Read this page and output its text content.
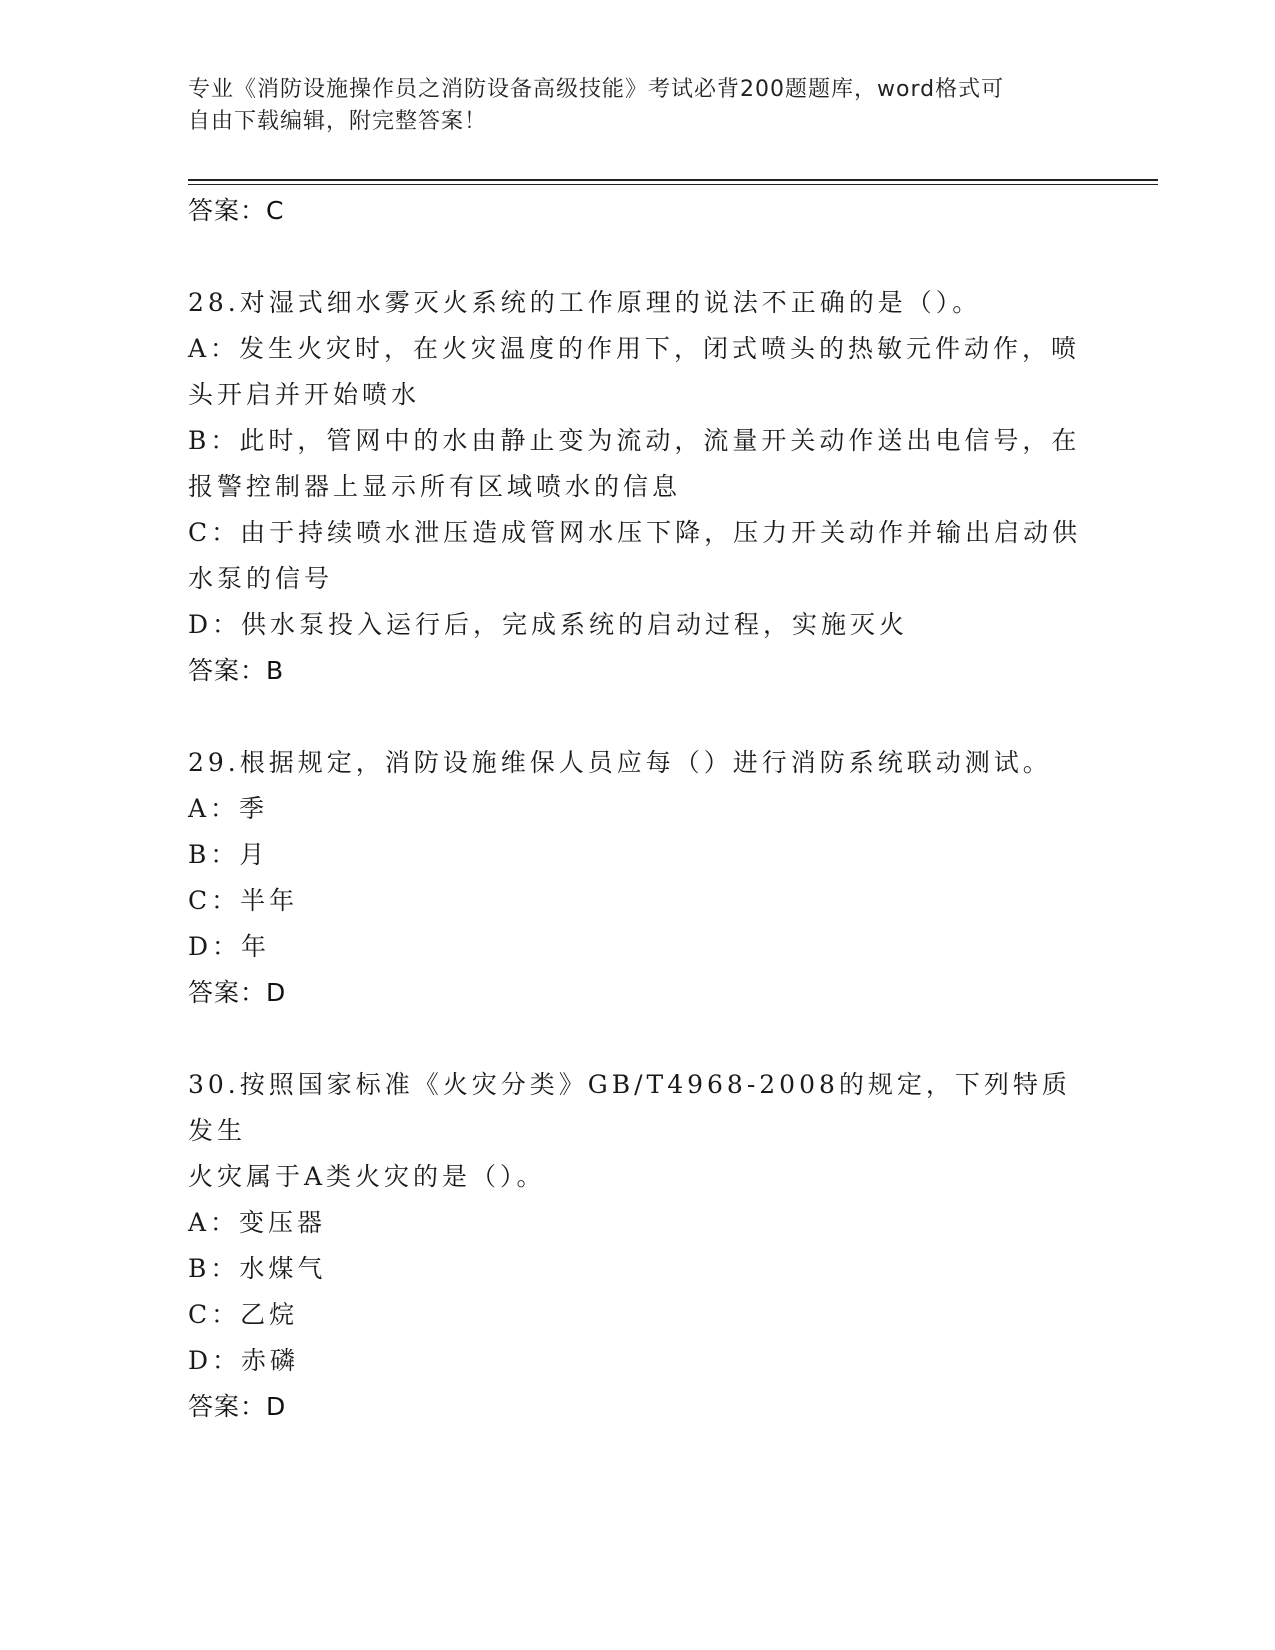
专业《消防设施操作员之消防设备高级技能》考试必背200题题库，word格式可
自由下载编辑，附完整答案！
答案：C
28.对湿式细水雾灭火系统的工作原理的说法不正确的是（）。
A：发生火灾时，在火灾温度的作用下，闭式喷头的热敏元件动作，喷
头开启并开始喷水
B：此时，管网中的水由静止变为流动，流量开关动作送出电信号，在
报警控制器上显示所有区域喷水的信息
C：由于持续喷水泄压造成管网水压下降，压力开关动作并输出启动供
水泵的信号
D：供水泵投入运行后，完成系统的启动过程，实施灭火
答案：B
29.根据规定，消防设施维保人员应每（）进行消防系统联动测试。
A：季
B：月
C：半年
D：年
答案：D
30.按照国家标准《火灾分类》GB/T4968-2008的规定，下列特质发生
火灾属于A类火灾的是（）。
A：变压器
B：水煤气
C：乙烷
D：赤磷
答案：D
